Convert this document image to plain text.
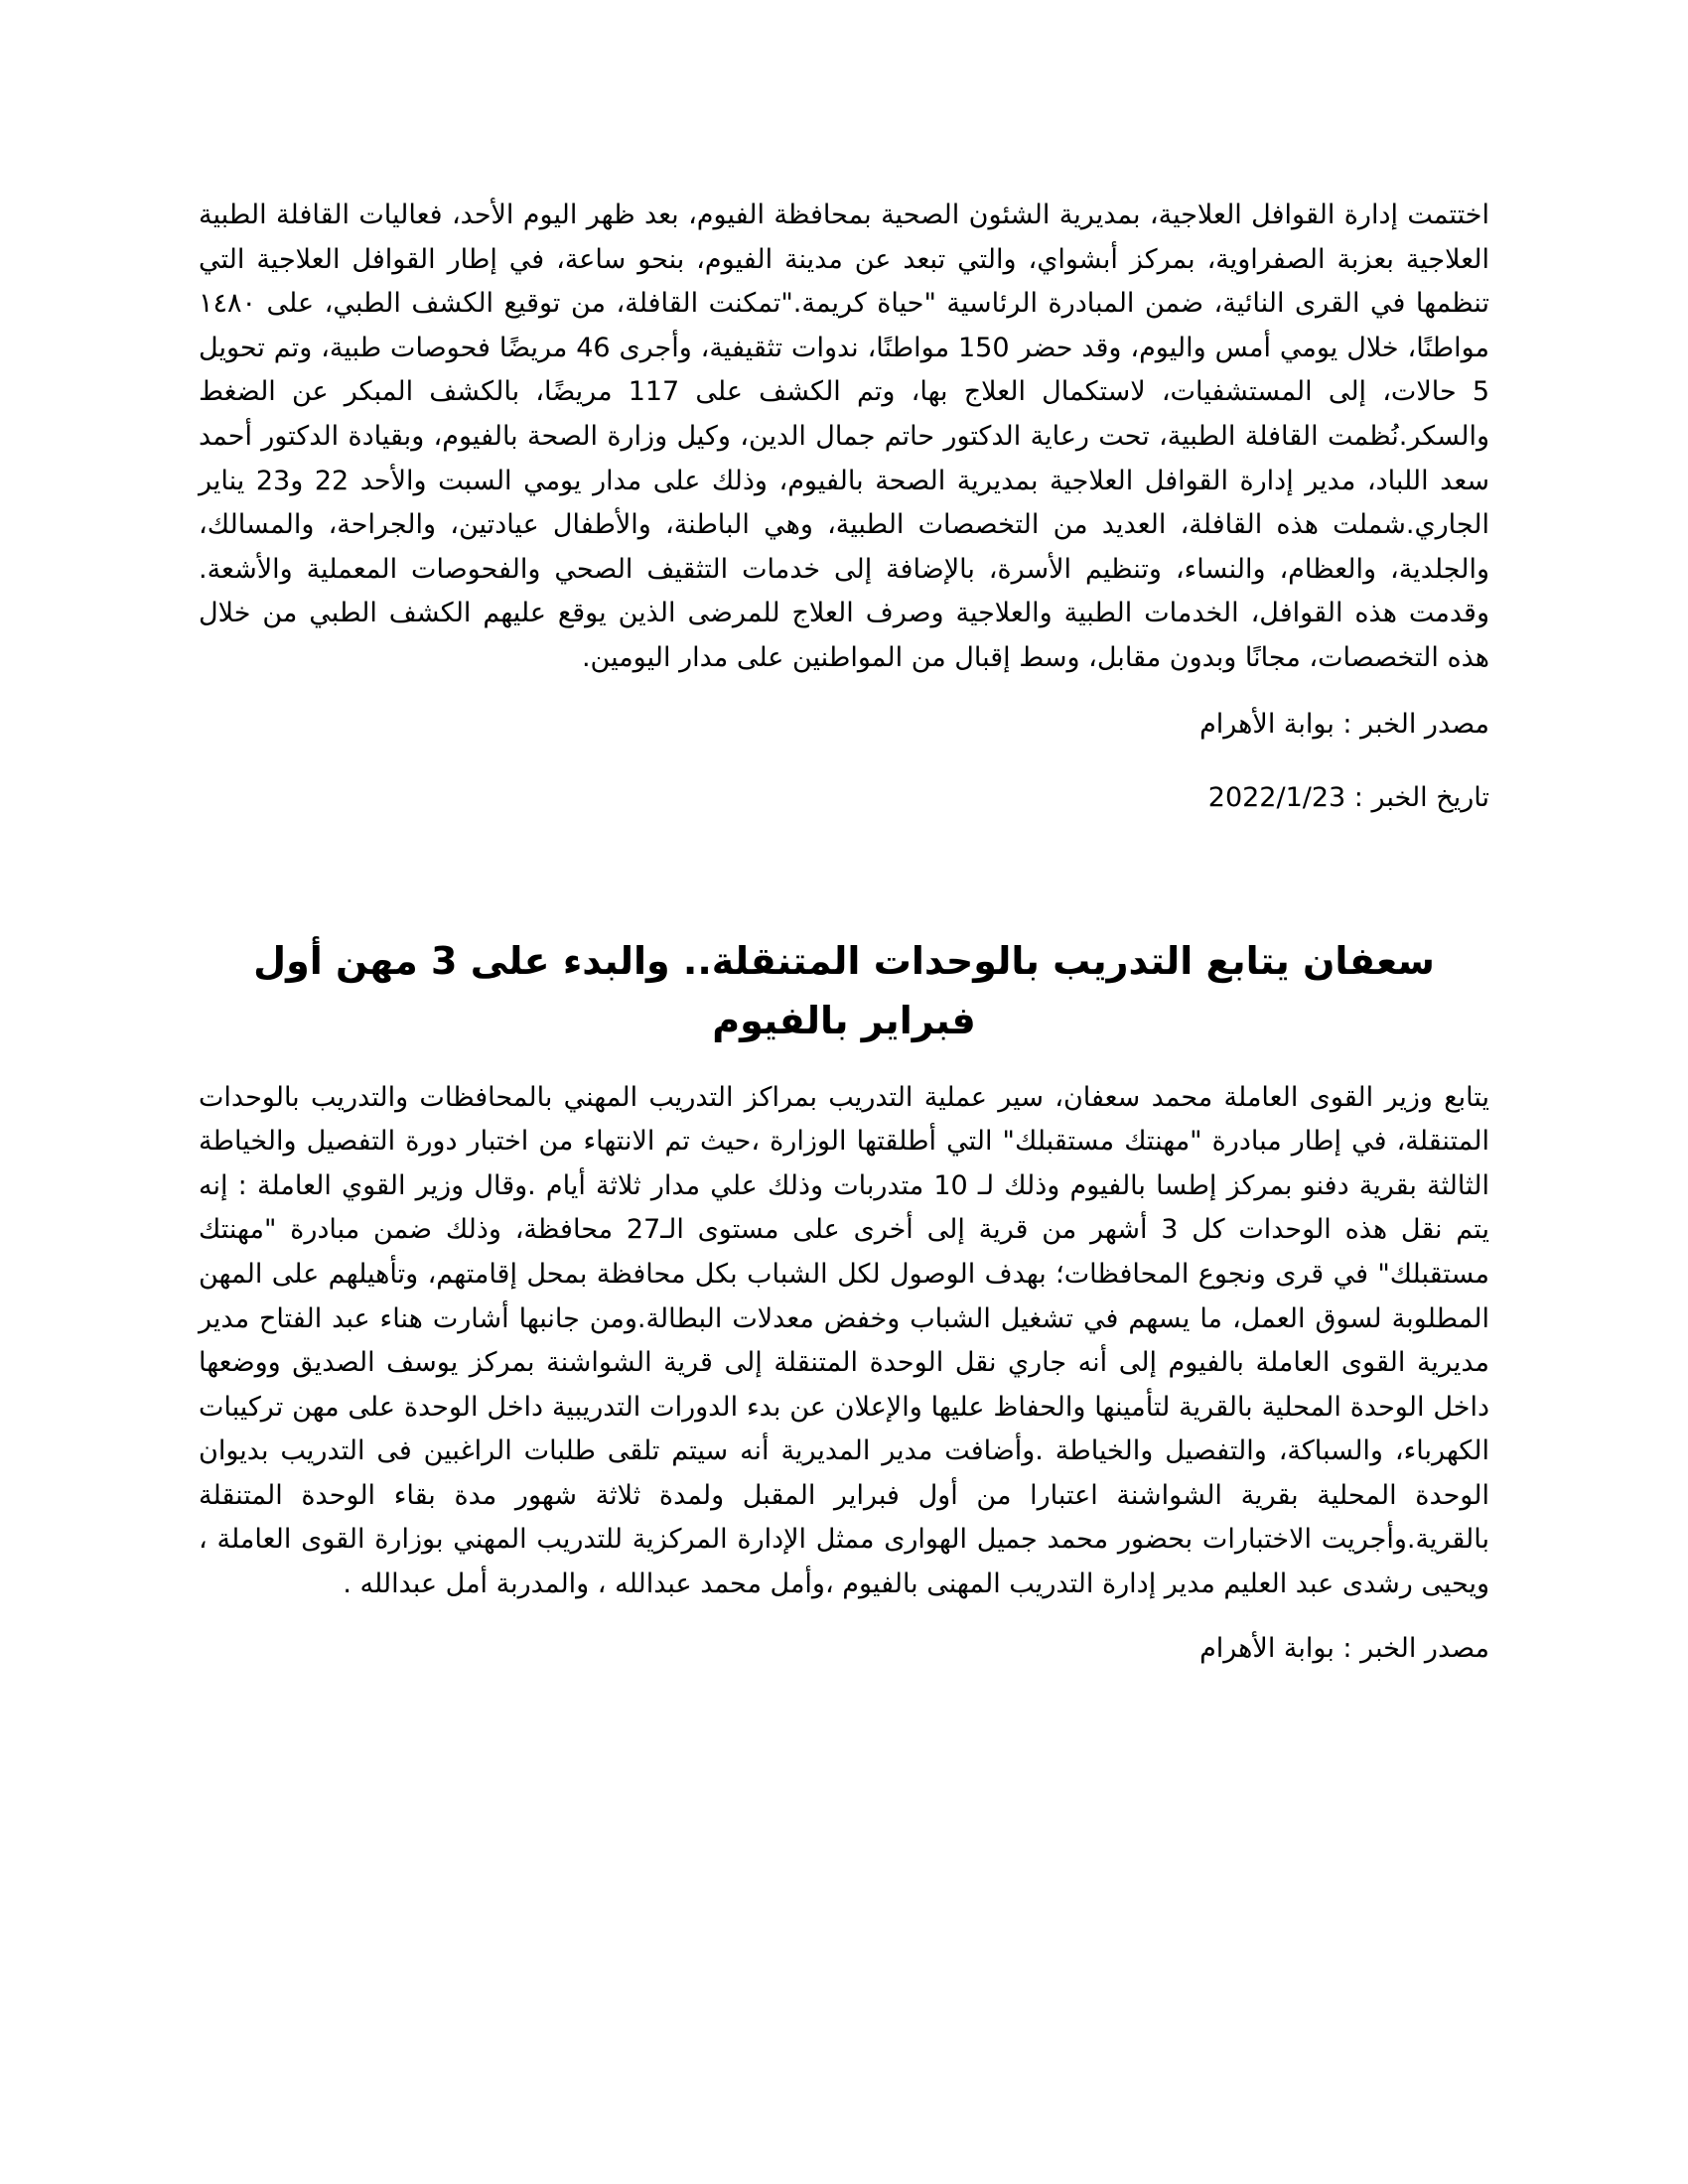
اختتمت إدارة القوافل العلاجية، بمديرية الشئون الصحية بمحافظة الفيوم، بعد ظهر اليوم الأحد، فعاليات القافلة الطبية العلاجية بعزبة الصفراوية، بمركز أبشواي، والتي تبعد عن مدينة الفيوم، بنحو ساعة، في إطار القوافل العلاجية التي تنظمها في القرى النائية، ضمن المبادرة الرئاسية "حياة كريمة."تمكنت القافلة، من توقيع الكشف الطبي، على ١٤٨٠ مواطنًا، خلال يومي أمس واليوم، وقد حضر 150 مواطنًا، ندوات تثقيفية، وأجرى 46 مريضًا فحوصات طبية، وتم تحويل 5 حالات، إلى المستشفيات، لاستكمال العلاج بها، وتم الكشف على 117 مريضًا، بالكشف المبكر عن الضغط والسكر.نُظمت القافلة الطبية، تحت رعاية الدكتور حاتم جمال الدين، وكيل وزارة الصحة بالفيوم، وبقيادة الدكتور أحمد سعد اللباد، مدير إدارة القوافل العلاجية بمديرية الصحة بالفيوم، وذلك على مدار يومي السبت والأحد 22 و23 يناير الجاري.شملت هذه القافلة، العديد من التخصصات الطبية، وهي الباطنة، والأطفال عيادتين، والجراحة، والمسالك، والجلدية، والعظام، والنساء، وتنظيم الأسرة، بالإضافة إلى خدمات التثقيف الصحي والفحوصات المعملية والأشعة. وقدمت هذه القوافل، الخدمات الطبية والعلاجية وصرف العلاج للمرضى الذين يوقع عليهم الكشف الطبي من خلال هذه التخصصات، مجانًا وبدون مقابل، وسط إقبال من المواطنين على مدار اليومين.

مصدر الخبر : بوابة الأهرام

تاريخ الخبر : 2022/1/23

سعفان يتابع التدريب بالوحدات المتنقلة.. والبدء على 3 مهن أول فبراير بالفيوم

يتابع وزير القوى العاملة محمد سعفان، سير عملية التدريب بمراكز التدريب المهني بالمحافظات والتدريب بالوحدات المتنقلة، في إطار مبادرة "مهنتك مستقبلك" التي أطلقتها الوزارة ،حيث تم الانتهاء من اختبار دورة التفصيل والخياطة الثالثة بقرية دفنو بمركز إطسا بالفيوم وذلك لـ 10 متدربات وذلك علي مدار ثلاثة أيام .وقال وزير القوي العاملة : إنه يتم نقل هذه الوحدات كل 3 أشهر من قرية إلى أخرى على مستوى الـ27 محافظة، وذلك ضمن مبادرة "مهنتك مستقبلك" في قرى ونجوع المحافظات؛ بهدف الوصول لكل الشباب بكل محافظة بمحل إقامتهم، وتأهيلهم على المهن المطلوبة لسوق العمل، ما يسهم في تشغيل الشباب وخفض معدلات البطالة.ومن جانبها أشارت هناء عبد الفتاح مدير مديرية القوى العاملة بالفيوم إلى أنه جاري نقل الوحدة المتنقلة إلى قرية الشواشنة بمركز يوسف الصديق ووضعها داخل الوحدة المحلية بالقرية لتأمينها والحفاظ عليها والإعلان عن بدء الدورات التدريبية داخل الوحدة على مهن تركيبات الكهرباء، والسباكة، والتفصيل والخياطة .وأضافت مدير المديرية أنه سيتم تلقى طلبات الراغبين فى التدريب بديوان الوحدة المحلية بقرية الشواشنة اعتبارا من أول فبراير المقبل ولمدة ثلاثة شهور مدة بقاء الوحدة المتنقلة بالقرية.وأجريت الاختبارات بحضور محمد جميل الهوارى ممثل الإدارة المركزية للتدريب المهني بوزارة القوى العاملة ، ويحيى رشدى عبد العليم مدير إدارة التدريب المهنى بالفيوم ،وأمل محمد عبدالله ، والمدربة أمل عبدالله .

مصدر الخبر : بوابة الأهرام
